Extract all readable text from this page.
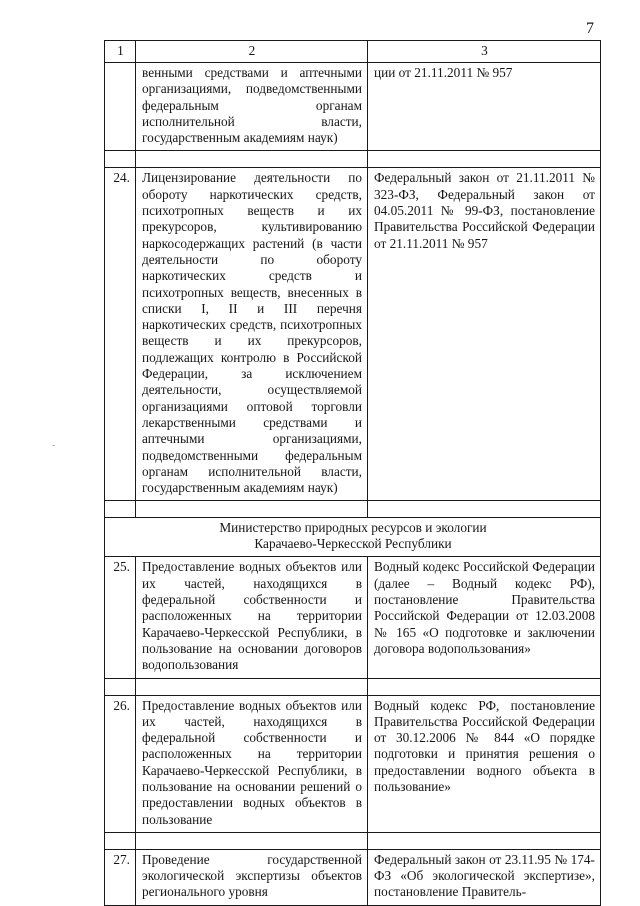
7
-
1	2	3
	венными средствами и аптечными организациями, подведомственными федеральным органам исполнительной власти, государственным академиям наук)	ции от 21.11.2011 № 957

24.	Лицензирование деятельности по обороту наркотических средств, психотропных веществ и их прекурсоров, культивированию наркосодержащих растений (в части деятельности по обороту наркотических средств и психотропных веществ, внесенных в списки I, II и III перечня наркотических средств, психотропных веществ и их прекурсоров, подлежащих контролю в Российской Федерации, за исключением деятельности, осуществляемой организациями оптовой торговли лекарственными средствами и аптечными организациями, подведомственными федеральным органам исполнительной власти, государственным академиям наук)	Федеральный закон от 21.11.2011 № 323-ФЗ, Федеральный закон от 04.05.2011 № 99-ФЗ, постановление Правительства Российской Федерации от 21.11.2011 № 957

Министерство природных ресурсов и экологии
Карачаево-Черкесской Республики		

25.	Предоставление водных объектов или их частей, находящихся в федеральной собственности и расположенных на территории Карачаево-Черкесской Республики, в пользование на основании договоров водопользования	Водный кодекс Российской Федерации (далее – Водный кодекс РФ), постановление Правительства Российской Федерации от 12.03.2008 № 165 «О подготовке и заключении договора водопользования»

26.	Предоставление водных объектов или их частей, находящихся в федеральной собственности и расположенных на территории Карачаево-Черкесской Республики, в пользование на основании решений о предоставлении водных объектов в пользование	Водный кодекс РФ, постановление Правительства Российской Федерации от 30.12.2006 № 844 «О порядке подготовки и принятия решения о предоставлении водного объекта в пользование»

27.	Проведение государственной экологической экспертизы объектов регионального уровня	Федеральный закон от 23.11.95 № 174-ФЗ «Об экологической экспертизе», постановление Правитель-
